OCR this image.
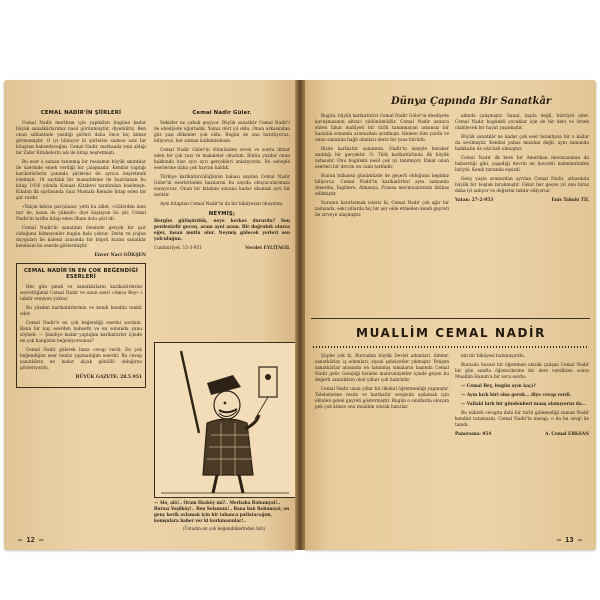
CEMAL NADİR'İN ŞİİRLERİ

Cemal Nadir mertbsın için yaptıkları bugüne kadar büyük sanatkârlarımız nasıl görünmüştür, diyebiliriz. Ben onun sıhhatinde yazdığı şiirleri daha önce hiç kimse görmemiştir. O iyi biliniyor ki şiirlerini sadece aziz bir kitaptan bahsedeceğim. Cemal Nadir, matbaada yeni aldığı bir Zafer Kitabelerin adı ile kitap neşretmişti.

Bu eser o zaman tanınmış bir ressamın büyük sıkıntılar ile üzerinde emek verdiği bir çalışmadır. Kendisi yaptığı karikatürlerin yanında şiirlerini de ayrıca neşretmek istemişti. 18 sayfalık bir mukaddeme ile hazırlanan bu kitap 1936 yılında Kanaat Kitabevi tarafından basılmıştı. Kitabın ilk sayfasında Gazi Mustafa Kemale hitap eden bir şiir vardır.

«Yalçın kıbrın parçalanır, yetti bu zillet, «Gülerden inen nur ile, insan ile yükselt» diye başlayan bu şiir, Cemal Nadir'in tarihe hitap eden ilham dolu şiiri idi.

Cemal Nadir'in sanatının ötesinde gerçek bir şair olduğunu bilmeyenler bugün hala çoktur. Derin ve yoğun duyguları ile kalemi arasında bir köprü kuran sanatkâr kendisini bu eserde göstermiştir.

Enver Naci GÖKŞEN
CEMAL NADİR'İN EN ÇOK BEĞENDİĞİ ESERLERİ

Her gün şimdi ve sanatkârların karikatürlerini seyrettiğimiz Cemal Nadir ve onun eseri «Amca Bey» i takdir etmiyen yoktur.

Bu yüzden karikatürlerinin ve kendi kendini tenkit eder.

Cemal Nadir'e en çok beğendiği eserini sordum. Bana bir kaç eserden bahsetti ve en sonunda şunu söyledi: — Şimdiye kadar yaptığım karikatürler içinde en çok hangisini beğeniyorsunuz?

Cemal Nadir gülerek bana cevap verdi: En çok beğendiğim eser henüz yapmadığım eserdir. Bu cevap sanatkârın ne kadar alçak gönüllü olduğunu gösteriyordu.

BÜYÜK GAZETE: 28.5.951
Cemal Nadir Güler.

Sekizler ne çabuk geçiyor. Büyük sanatkâr Cemal Nadir'i de ebediyete uğurladık. Yalnız dört yıl oldu. Onun arkasından göz yaşı dökenler çok oldu. Bugün de onu hatırlıyoruz, biliyoruz, her zaman kalbimizdesin.

Cemal Nadir Güler'in ölümünden evvel ve sonra iltizar eden bir çok yazı ve makaleler okudum. Bütün yazılar onun hakkında bize ayrı ayrı gerçekleri anlatıyordu. Bu sebeple eserlerine daha çok hayran kaldık.

Türkiye karikatürcülüğünün babası sayılan Cemal Nadir Güler'in eserlerinden bazılarını bu sayıda okuyucularımıza sunuyoruz. Onun bir kitabını sonuna kadar okumak ayrı bir zevktir.

Aynı kitaptan Cemal Nadir'in da bir hikâyesini okuyalım.

NEYMİŞ;

Hergün gülüşürdük, neye herkes dururdu? Sen perdesizdir gecen, aram ayni aram. Bir doğruluk olursa eğer, insan mutlu olur. Neymiş gülecek yerleri sen yolculuğun.

Cumhuriyet: 15-3-951	Necdet EYLİTAGIL

— Alo, alô!.. Oram Hasköy mi?.. Merhaba Bohumyal!.. Burası Yeşilköy!.. Ben Selamun!.. Bana bak Bohumyal, en genç kerik avlamak için bir tabanca patlatacağım, komşulara haber ver ki korkmasınlar!..

(Üstadın en çok beğendiklerinden biri)

— 12 —
Dünya Çapında Bir Sanatkâr

Bugün, büyük karikatürist Cemal Nadir Güler'in ebediyete kavuşmasının altıncı yıldönümüdür. Cemal Nadir uzunca süren fakat mahiyeti bir türlü tanınmayan amansız bir hastalık sonunda aramızdan ayrılmıştı. Hemen tüm yurdu ve onun sanatına bağlı olanları derin bir yasa bürüdü.

Bizde karikatür sanatının, Nadir'in ismiyle beraber anıldığı bir gerçektir. O, Türk karikatürünün ilk büyük ustasıdır. Onu bugünkü nesil çok iyi tanımıyor. Fakat onun eserleri bir devrin en canlı tarihidir.

Bunun bilhassa günümüzde de geçerli olduğunu hepimiz biliyoruz. Cemal Nadir'in karikatürleri aynı zamanda Amerika, İngiltere, Almanya, Fransa mecmualarında iktibas edilmiştir.

Suranın hatırlatmak isteriz ki, Cemal Nadir çok ağır bir zamanda, eski yıllarda hiç bir şey elde etmeden kendi gayreti ile zirveye ulaşmıştır.

alimda çalışmıştır. Sanat, taşıta değil, hürriyet ister. Cemal Nadir bugünkü çocuklar için de bir ders ve örnek olabilecek bir hayat yaşamıştır.

Büyük sanatkâr ne kadar çok eser bıraktıysa bir o kadar da sevilmiştir. Kendisi yalnız mizahın değil, aynı zamanda hakikatin de sözcüsü olmuştur.

Cemal Nadir ilk kere bir Amerikan mecmuasının da bahsettiği gibi, yaşadığı devrin en kuvvetli kalemlerinden biriydi. Kendi tarzında eşsizdi.

Genç yaşta aramızdan ayrılan Cemal Nadir, arkasında büyük bir boşluk bırakmıştır. Fakat her geçen yıl onu biraz daha iyi anlıyor ve değerini takdir ediyoruz.

Vatan: 27-2-953	Enis Tahsin TİL
MUALLİM CEMAL NADİR

Şüphe yok ki, Bursadan büyük Devlet adamları, ilimler, sanatkârlar, iş adamları, siyasi şahsiyetler çıkmıştır. Yetişen sanatkârlar arasında en tanınmış simaların başında Cemal Nadir gelir. Gençliği bizimle mahrumiyetler içinde geçen bu değerli sanatkârın okul yılları çok hatırlıdır.

Cemal Nadir uzun yıllar bir ilkokul öğretmenliği yapmıştır. Talebelerine resim ve karikatür sevgisini aşılamak için elinden gelen gayreti göstermiştir. Bugün o sınıflarda okuyan pek çok kimse onu muallim olarak hatırlar.

nin bir hikâyesi bulunuyordu.

Bursada hususi bir öğretmen olarak çalışan Cemal Nadir bir gün sınıfta öğrencilerine bir ders verdikten sonra Muallim Hanım'a bir soru sordu:

— Cemal Bey, bugün ayın kaçı?

— Ayın kırk biri olsa gerek... diye cevap verdi.

— Vallahi kırk bir gündenberi maaş alamıyoruz da...

Bu nükteli cevapta dahi bir türlü gülemediği zaman Nadir kendini tutamazdı. Cemal Nadir'in mesajı, o da bu sevgi ile tanıdı.

Panorama: 954	A. Cemal ERKSAN
— 13 —
